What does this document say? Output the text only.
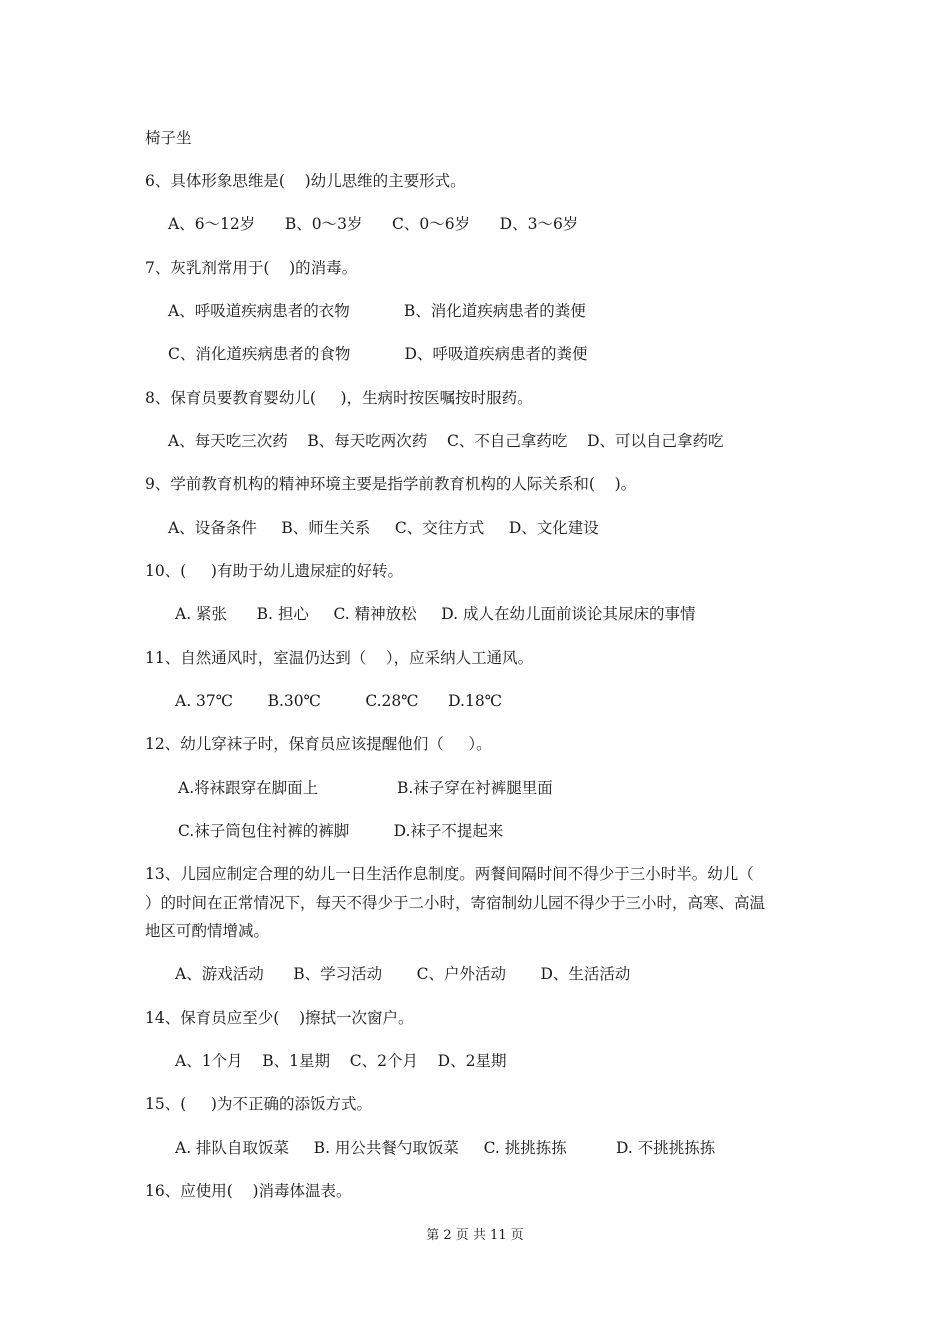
椅子坐
6、具体形象思维是(    )幼儿思维的主要形式。
A、6～12岁      B、0～3岁      C、0～6岁      D、3～6岁
7、灰乳剂常用于(    )的消毒。
A、呼吸道疾病患者的衣物           B、消化道疾病患者的粪便
C、消化道疾病患者的食物           D、呼吸道疾病患者的粪便
8、保育员要教育婴幼儿(     )，生病时按医嘱按时服药。
A、每天吃三次药    B、每天吃两次药    C、不自己拿药吃    D、可以自己拿药吃
9、学前教育机构的精神环境主要是指学前教育机构的人际关系和(    )。
A、设备条件     B、师生关系     C、交往方式     D、文化建设
10、(     )有助于幼儿遗尿症的好转。
A. 紧张      B. 担心     C. 精神放松     D. 成人在幼儿面前谈论其尿床的事情
11、自然通风时，室温仍达到（    ），应采纳人工通风。
A. 37℃       B.30℃         C.28℃      D.18℃
12、幼儿穿袜子时，保育员应该提醒他们（     ）。
A.将袜跟穿在脚面上                B.袜子穿在衬裤腿里面
C.袜子筒包住衬裤的裤脚         D.袜子不提起来
13、儿园应制定合理的幼儿一日生活作息制度。两餐间隔时间不得少于三小时半。幼儿（
）的时间在正常情况下，每天不得少于二小时，寄宿制幼儿园不得少于三小时，高寒、高温
地区可酌情增减。
A、游戏活动      B、学习活动       C、户外活动       D、生活活动
14、保育员应至少(    )擦拭一次窗户。
A、1个月    B、1星期    C、2个月    D、2星期
15、(     )为不正确的添饭方式。
A. 排队自取饭菜     B. 用公共餐勺取饭菜     C. 挑挑拣拣          D. 不挑挑拣拣
16、应使用(    )消毒体温表。
第 2 页 共 11 页
